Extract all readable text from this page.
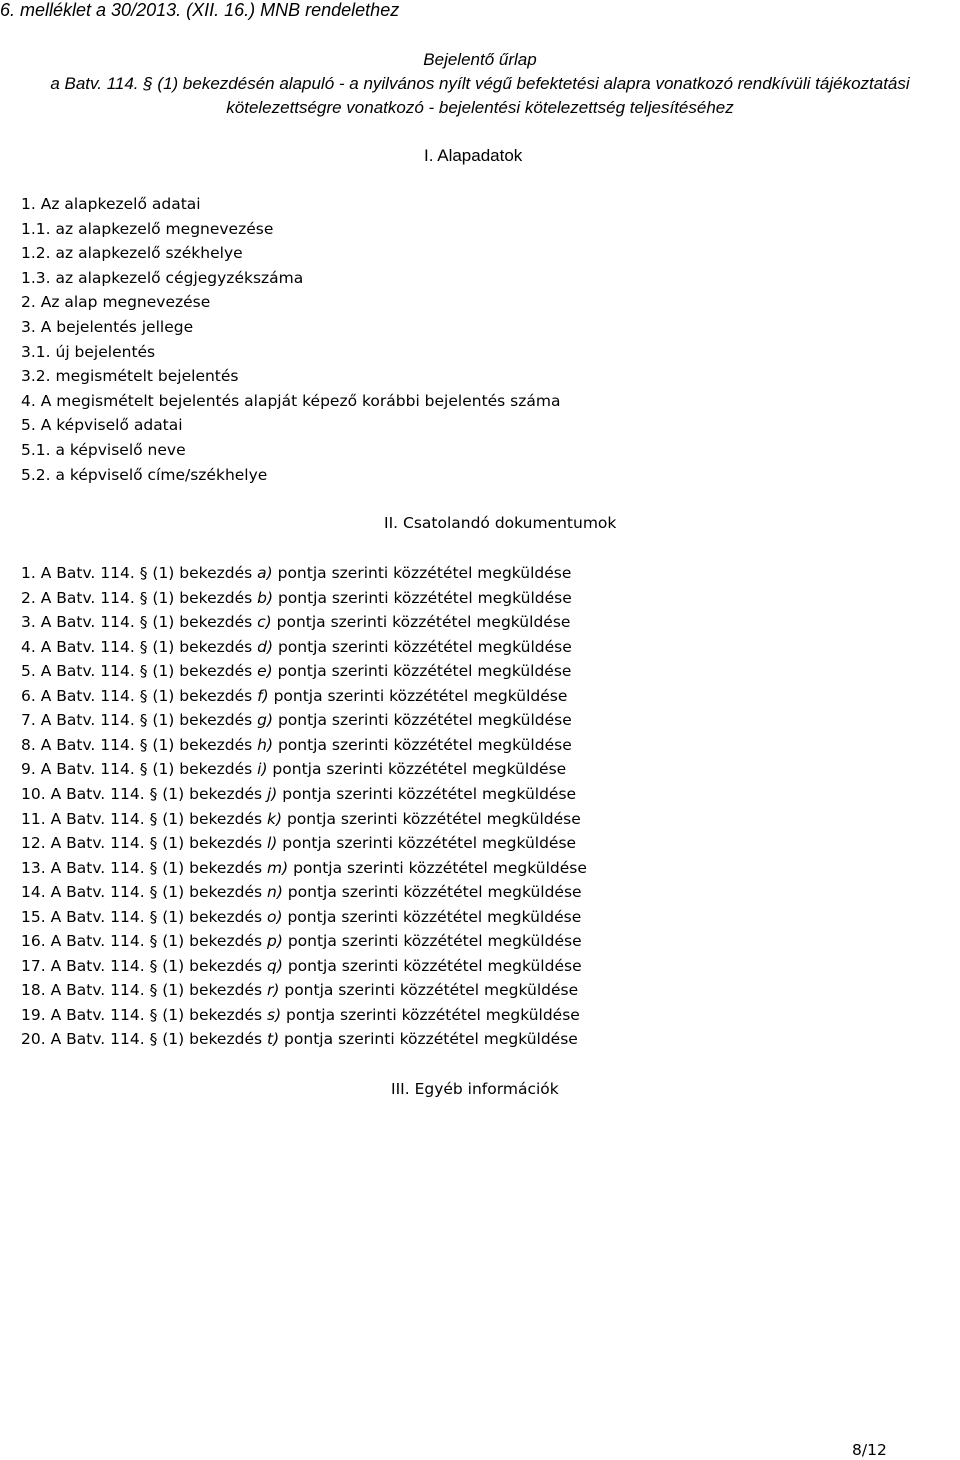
6. melléklet a 30/2013. (XII. 16.) MNB rendelethez
Bejelentő űrlap
a Batv. 114. § (1) bekezdésén alapuló - a nyilvános nyílt végű befektetési alapra vonatkozó rendkívüli tájékoztatási
kötelezettségre vonatkozó - bejelentési kötelezettség teljesítéséhez
I. Alapadatok
1. Az alapkezelő adatai
1.1. az alapkezelő megnevezése
1.2. az alapkezelő székhelye
1.3. az alapkezelő cégjegyzékszáma
2. Az alap megnevezése
3. A bejelentés jellege
3.1. új bejelentés
3.2. megismételt bejelentés
4. A megismételt bejelentés alapját képező korábbi bejelentés száma
5. A képviselő adatai
5.1. a képviselő neve
5.2. a képviselő címe/székhelye
II. Csatolandó dokumentumok
1. A Batv. 114. § (1) bekezdés a) pontja szerinti közzététel megküldése
2. A Batv. 114. § (1) bekezdés b) pontja szerinti közzététel megküldése
3. A Batv. 114. § (1) bekezdés c) pontja szerinti közzététel megküldése
4. A Batv. 114. § (1) bekezdés d) pontja szerinti közzététel megküldése
5. A Batv. 114. § (1) bekezdés e) pontja szerinti közzététel megküldése
6. A Batv. 114. § (1) bekezdés f) pontja szerinti közzététel megküldése
7. A Batv. 114. § (1) bekezdés g) pontja szerinti közzététel megküldése
8. A Batv. 114. § (1) bekezdés h) pontja szerinti közzététel megküldése
9. A Batv. 114. § (1) bekezdés i) pontja szerinti közzététel megküldése
10. A Batv. 114. § (1) bekezdés j) pontja szerinti közzététel megküldése
11. A Batv. 114. § (1) bekezdés k) pontja szerinti közzététel megküldése
12. A Batv. 114. § (1) bekezdés l) pontja szerinti közzététel megküldése
13. A Batv. 114. § (1) bekezdés m) pontja szerinti közzététel megküldése
14. A Batv. 114. § (1) bekezdés n) pontja szerinti közzététel megküldése
15. A Batv. 114. § (1) bekezdés o) pontja szerinti közzététel megküldése
16. A Batv. 114. § (1) bekezdés p) pontja szerinti közzététel megküldése
17. A Batv. 114. § (1) bekezdés q) pontja szerinti közzététel megküldése
18. A Batv. 114. § (1) bekezdés r) pontja szerinti közzététel megküldése
19. A Batv. 114. § (1) bekezdés s) pontja szerinti közzététel megküldése
20. A Batv. 114. § (1) bekezdés t) pontja szerinti közzététel megküldése
III. Egyéb információk
8/12
